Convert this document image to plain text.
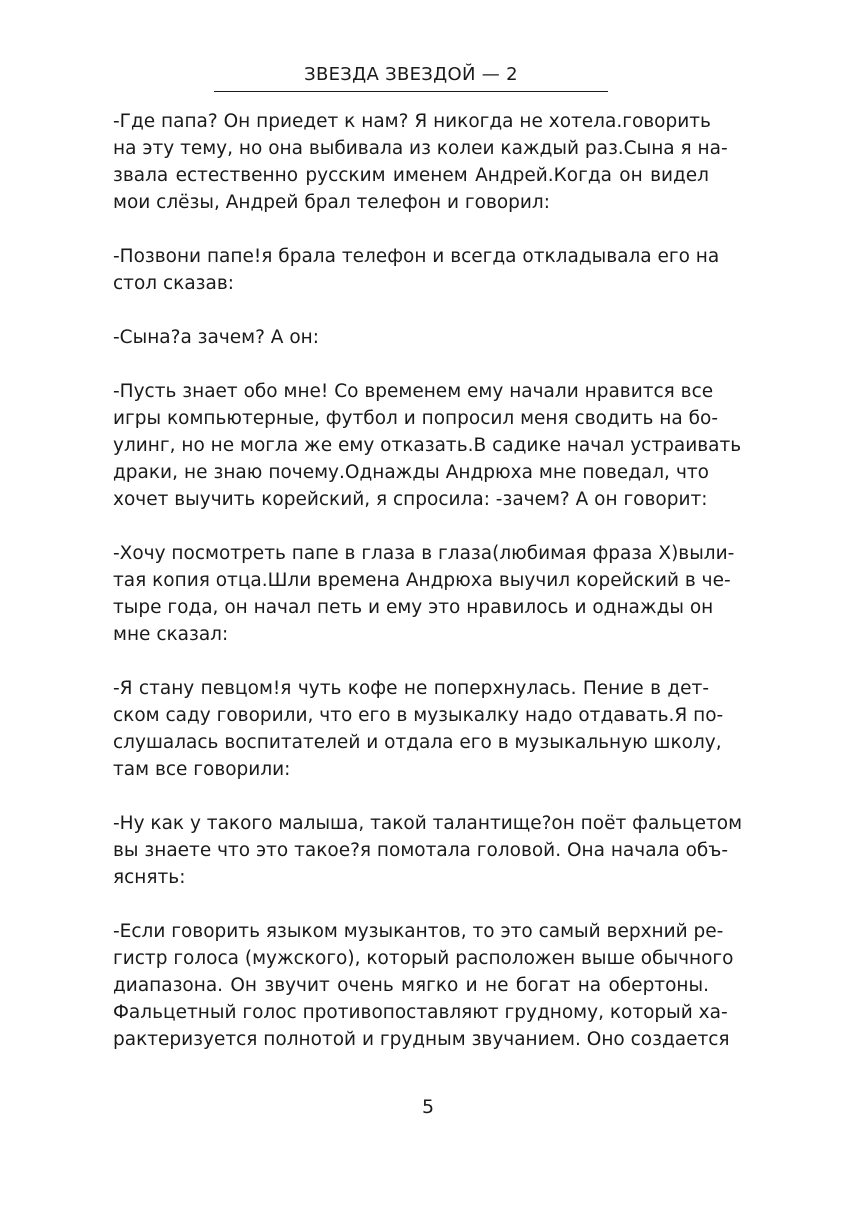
ЗВЕЗДА ЗВЕЗДОЙ — 2

-Где папа? Он приедет к нам? Я никогда не хотела.говорить
на эту тему, но она выбивала из колеи каждый раз.Сына я на-
звала естественно русским именем Андрей.Когда он видел
мои слёзы, Андрей брал телефон и говорил:

-Позвони папе!я брала телефон и всегда откладывала его на
стол сказав:

-Сына?а зачем? А он:

-Пусть знает обо мне! Со временем ему начали нравится все
игры компьютерные, футбол и попросил меня сводить на бо-
улинг, но не могла же ему отказать.В садике начал устраивать
драки, не знаю почему.Однажды Андрюха мне поведал, что
хочет выучить корейский, я спросила: -зачем? А он говорит:

-Хочу посмотреть папе в глаза в глаза(любимая фраза Х)выли-
тая копия отца.Шли времена Андрюха выучил корейский в че-
тыре года, он начал петь и ему это нравилось и однажды он
мне сказал:

-Я стану певцом!я чуть кофе не поперхнулась. Пение в дет-
ском саду говорили, что его в музыкалку надо отдавать.Я по-
слушалась воспитателей и отдала его в музыкальную школу,
там все говорили:

-Ну как у такого малыша, такой талантище?он поёт фальцетом
вы знаете что это такое?я помотала головой. Она начала объ-
яснять:

-Если говорить языком музыкантов, то это самый верхний ре-
гистр голоса (мужского), который расположен выше обычного
диапазона. Он звучит очень мягко и не богат на обертоны.
Фальцетный голос противопоставляют грудному, который ха-
рактеризуется полнотой и грудным звучанием. Оно создается

5
